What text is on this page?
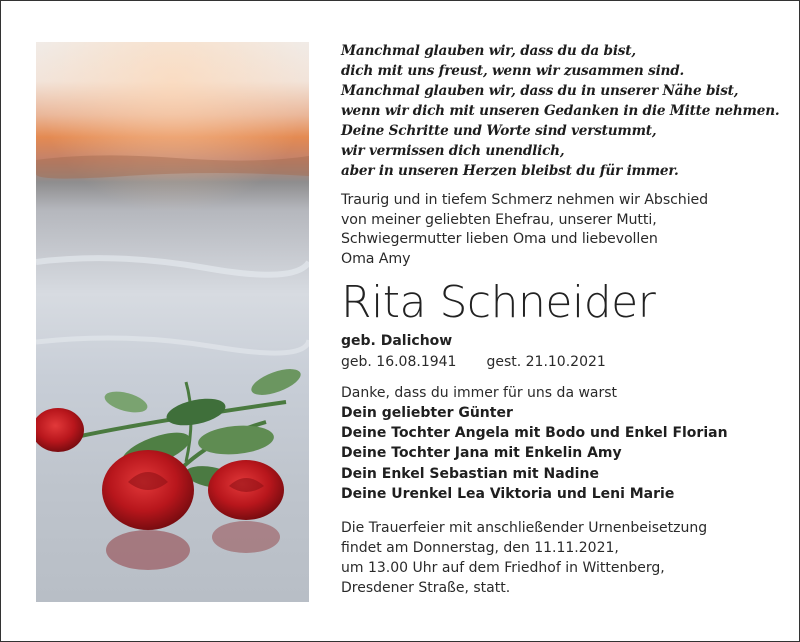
Manchmal glauben wir, dass du da bist,
dich mit uns freust, wenn wir zusammen sind.
Manchmal glauben wir, dass du in unserer Nähe bist,
wenn wir dich mit unseren Gedanken in die Mitte nehmen.
Deine Schritte und Worte sind verstummt,
wir vermissen dich unendlich,
aber in unseren Herzen bleibst du für immer.
Traurig und in tiefem Schmerz nehmen wir Abschied
von meiner geliebten Ehefrau, unserer Mutti,
Schwiegermutter lieben Oma und liebevollen
Oma Amy
Rita Schneider
geb. Dalichow
geb. 16.08.1941 gest. 21.10.2021
Danke, dass du immer für uns da warst
Dein geliebter Günter
Deine Tochter Angela mit Bodo und Enkel Florian
Deine Tochter Jana mit Enkelin Amy
Dein Enkel Sebastian mit Nadine
Deine Urenkel Lea Viktoria und Leni Marie
Die Trauerfeier mit anschließender Urnenbeisetzung
findet am Donnerstag, den 11.11.2021,
um 13.00 Uhr auf dem Friedhof in Wittenberg,
Dresdener Straße, statt.
